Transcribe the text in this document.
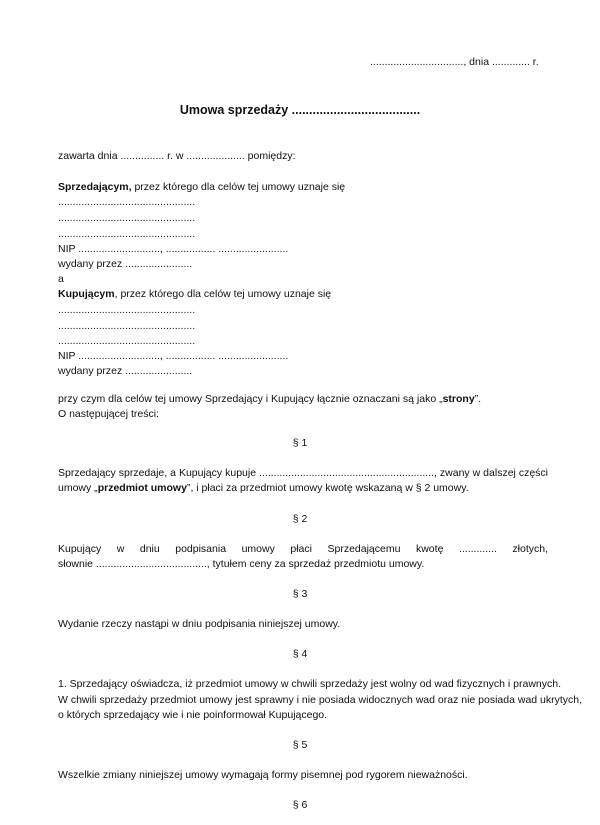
................................, dnia ............. r.
Umowa sprzedaży .....................................
zawarta dnia ............... r. w .................... pomiędzy:
Sprzedającym, przez którego dla celów tej umowy uznaje się
...............................................
...............................................
...............................................
NIP ............................, ................. ........................
wydany przez .......................
a
Kupującym, przez którego dla celów tej umowy uznaje się
...............................................
...............................................
...............................................
NIP ............................, ................. ........................
wydany przez .......................
przy czym dla celów tej umowy Sprzedający i Kupujący łącznie oznaczani są jako „strony”.
O następującej treści:
§ 1
Sprzedający sprzedaje, a Kupujący kupuje ............................................................, zwany w dalszej części
umowy „przedmiot umowy”, i płaci za przedmiot umowy kwotę wskazaną w § 2 umowy.
§ 2
Kupujący w dniu podpisania umowy płaci Sprzedającemu kwotę ............. złotych,
słownie ......................................, tytułem ceny za sprzedaż przedmiotu umowy.
§ 3
Wydanie rzeczy nastąpi w dniu podpisania niniejszej umowy.
§ 4
1. Sprzedający oświadcza, iż przedmiot umowy w chwili sprzedaży jest wolny od wad fizycznych i prawnych.
W chwili sprzedaży przedmiot umowy jest sprawny i nie posiada widocznych wad oraz nie posiada wad ukrytych,
o których sprzedający wie i nie poinformował Kupującego.
§ 5
Wszelkie zmiany niniejszej umowy wymagają formy pisemnej pod rygorem nieważności.
§ 6
